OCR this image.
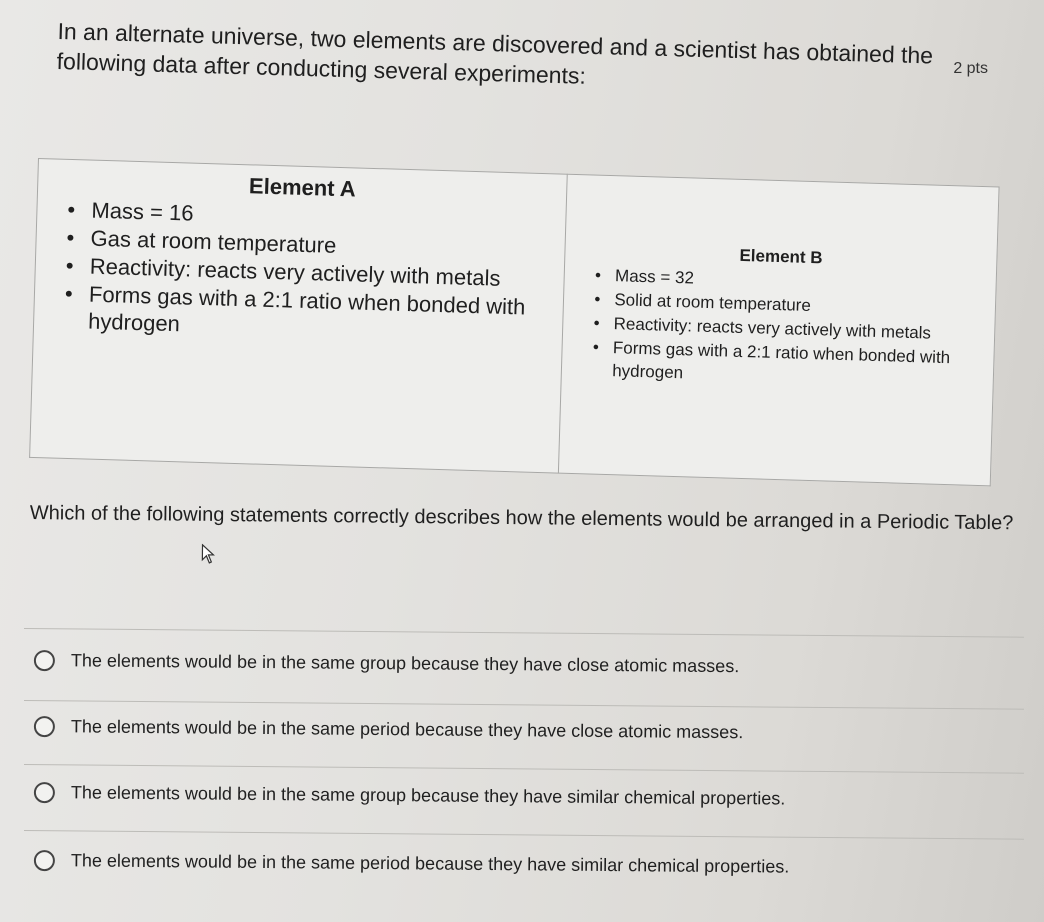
2 pts
In an alternate universe, two elements are discovered and a scientist has obtained the following data after conducting several experiments:
Element A
• Mass = 16
• Gas at room temperature
• Reactivity: reacts very actively with metals
• Forms gas with a 2:1 ratio when bonded with hydrogen

Element B
• Mass = 32
• Solid at room temperature
• Reactivity: reacts very actively with metals
• Forms gas with a 2:1 ratio when bonded with hydrogen
Which of the following statements correctly describes how the elements would be arranged in a Periodic Table?
The elements would be in the same group because they have close atomic masses.
The elements would be in the same period because they have close atomic masses.
The elements would be in the same group because they have similar chemical properties.
The elements would be in the same period because they have similar chemical properties.
